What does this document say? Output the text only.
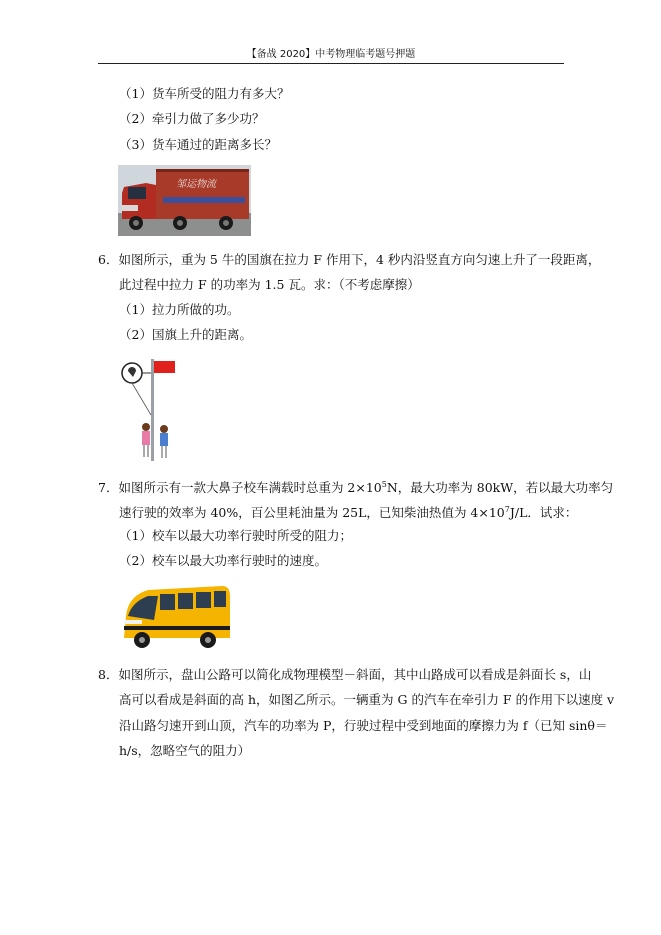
【备战 2020】中考物理临考题号押题
（1）货车所受的阻力有多大？
（2）牵引力做了多少功？
（3）货车通过的距离多长？
邹运物流
6．如图所示，重为 5 牛的国旗在拉力 F 作用下，4 秒内沿竖直方向匀速上升了一段距离，
此过程中拉力 F 的功率为 1.5 瓦。求：（不考虑摩擦）
（1）拉力所做的功。
（2）国旗上升的距离。
7．如图所示有一款大鼻子校车满载时总重为 $2\times 10^5N$，最大功率为 80kW，若以最大功率匀
速行驶的效率为 40%，百公里耗油量为 25L，已知柴油热值为 $4\times 10^7J/L$．试求：
（1）校车以最大功率行驶时所受的阻力；
（2）校车以最大功率行驶时的速度。
8．如图所示，盘山公路可以简化成物理模型－斜面，其中山路成可以看成是斜面长 s，山
高可以看成是斜面的高 h，如图乙所示。一辆重为 G 的汽车在牵引力 F 的作用下以速度 v
沿山路匀速开到山顶，汽车的功率为 P，行驶过程中受到地面的摩擦力为 f（已知 sinθ＝
h/s，忽略空气的阻力）
